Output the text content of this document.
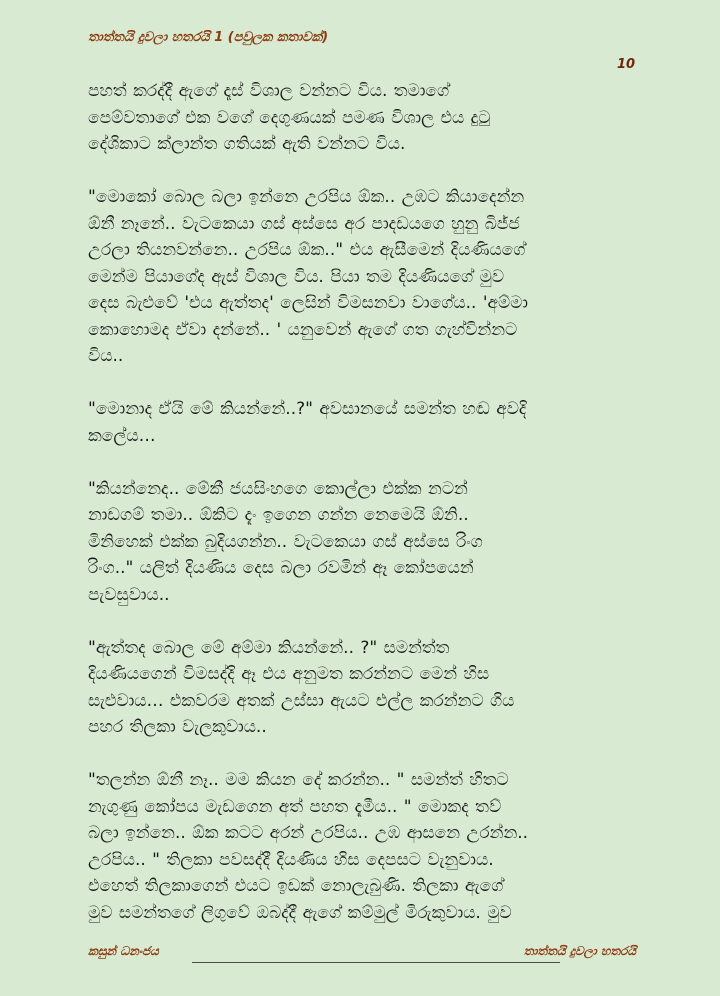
තාත්තයි දුවලා හතරයි 1 (පවුලක කතාවක්)
10

පහත් කරද්දී ඇගේ දෑස් විශාල වන්නට විය. තමාගේ
පෙම්වතාගේ එක වගේ දෙගුණයක් පමණ විශාල එය දුටු
දේශිකාට ක්ලාන්ත ගතියක් ඇති වන්නට විය.

"මොකෝ බොල බලා ඉන්නෙ උරපිය ඕක.. උඹට කියාදෙන්න
ඕනී නෑනේ.. වැටකෙයා ගස් අස්සෙ අර පාදඩයගෙ හුනු බිජ්ජ
උරලා තියනවන්නෙ.. උරපිය ඕක.." එය ඇසීමෙන් දියණියගේ
මෙන්ම පියාගේද ඇස් විශාල විය. පියා තම දියණියගේ මුව
දෙස බැළුවේ 'එය ඇත්තද' ලෙසින් විමසනවා වාගේය.. 'අම්මා
කොහොමද ඒවා දන්නේ.. ' යනුවෙන් ඇගේ ගත ගැහ්වින්නට
විය..

"මොනාද ඒයි මේ කියන්නේ..?" අවසානයේ සමන්ත හඬ අවදි
කලේය…

"කියන්නෙද.. මේකී ජයසිංහගෙ කොල්ලා එක්ක නටන්
නාඩගම් තමා.. ඕකිට දැං ඉගෙන ගන්න නෙමෙයි ඕනි..
මිනිහෙක් එක්ක බුදියගන්න.. වැටකෙයා ගස් අස්සෙ රිංග
රිංග.." යලිත් දියණිය දෙස බලා රවමින් ඈ කෝපයෙන්
පැවසුවාය..

"ඇත්තද බොල මේ අම්මා කියන්නේ.. ?" සමන්ත්ත
දියණියගෙන් විමසද්දි ඈ එය අනුමත කරන්නට මෙන් හිස
සැළුවාය… එකවරම අතක් උස්සා ඇයට එල්ල කරන්නට ගිය
පහර තිලකා වැලකුවාය..

"තලන්න ඕනී නෑ.. මම කියන දේ කරන්න.. " සමන්ත් හිතට
නැගුණු කෝපය මැඩගෙන අත් පහත දැමීය.. " මොකද තව්
බලා ඉන්නෙ.. ඕක කටට අරන් උරපිය.. උඹ ආසනෙ උරන්න..
උරපිය.. " තිලකා පවසද්දී දියණිය හිස දෙපසට වැනුවාය.
එහෙත් තිලකාගෙන් එයට ඉඩක් නොලැබුණි. තිලකා ඇගේ
මුව සමන්තගේ ලිගුවේ ඔබද්දී ඇගේ කම්මුල් මිරුකුවාය. මුව

කසුන් ධනංජය	තාත්තයි දුවලා හතරයි
